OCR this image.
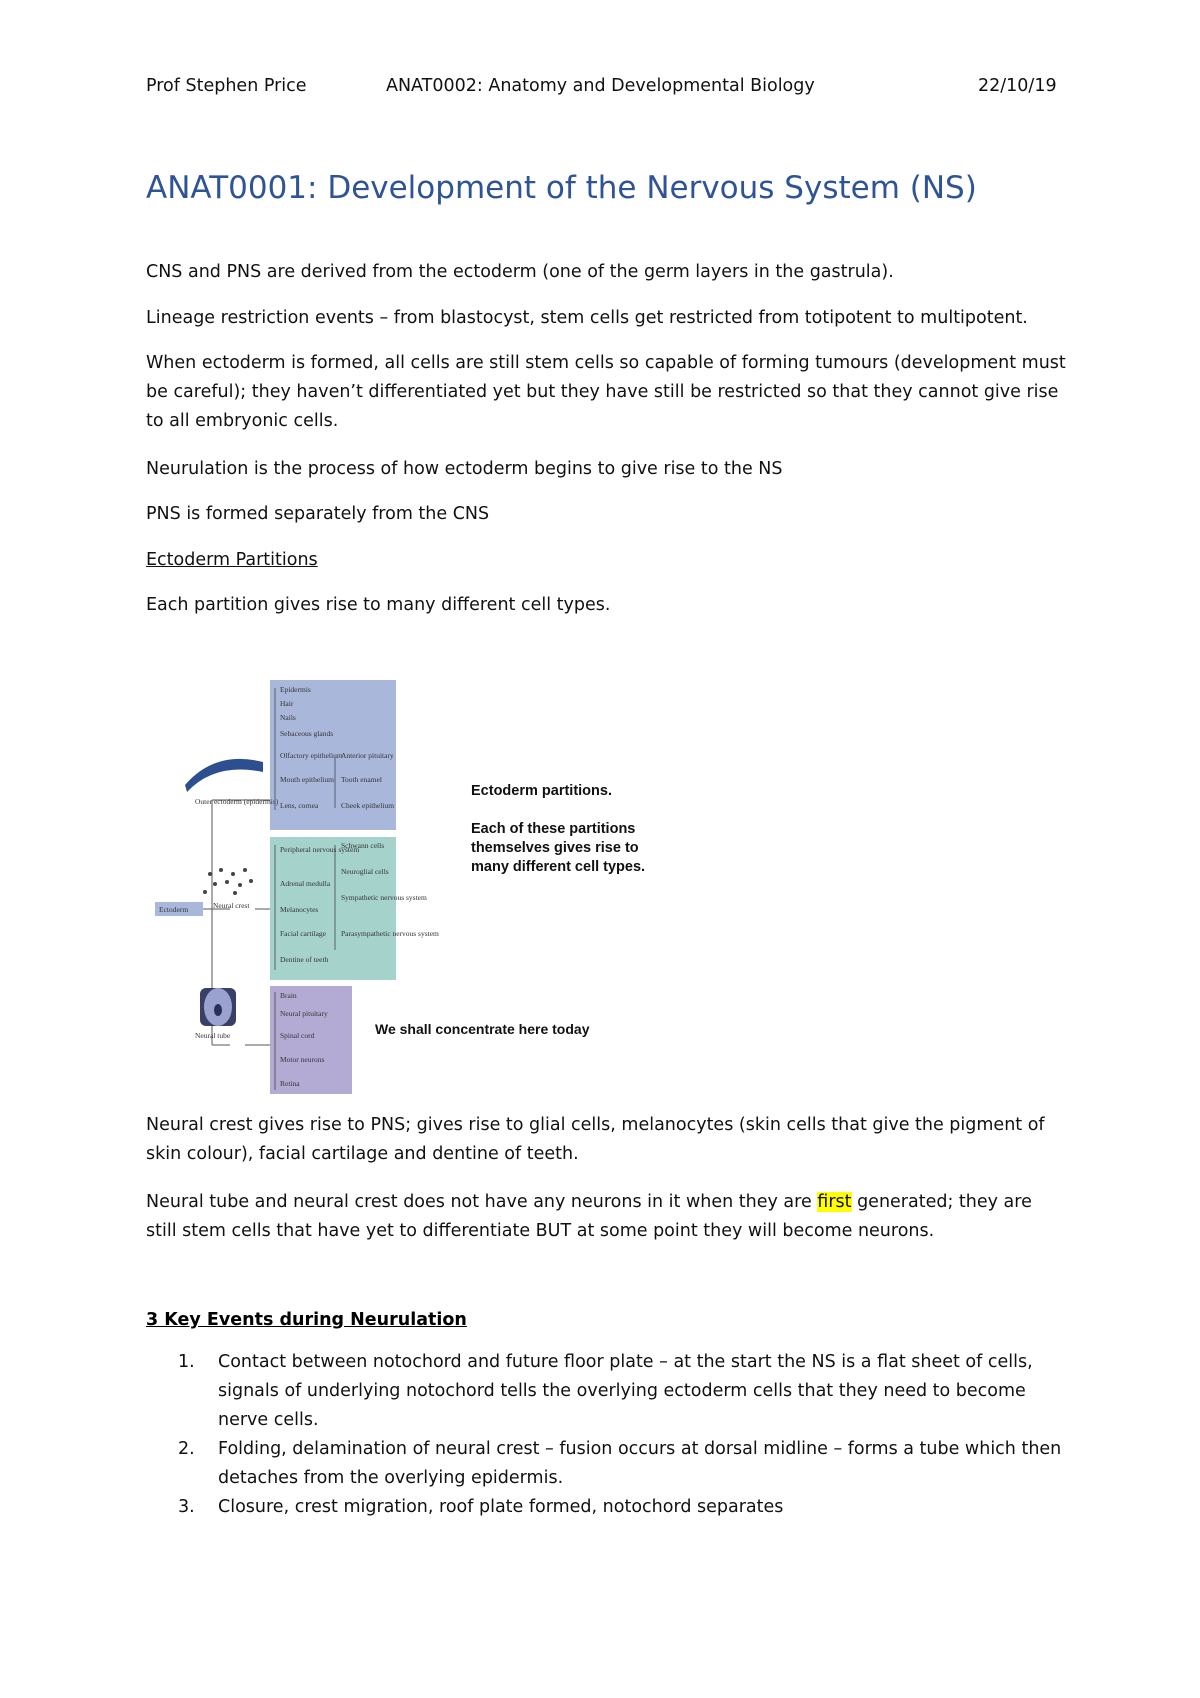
Prof Stephen Price	ANAT0002: Anatomy and Developmental Biology	22/10/19
ANAT0001: Development of the Nervous System (NS)
CNS and PNS are derived from the ectoderm (one of the germ layers in the gastrula).
Lineage restriction events – from blastocyst, stem cells get restricted from totipotent to multipotent.
When ectoderm is formed, all cells are still stem cells so capable of forming tumours (development must be careful); they haven’t differentiated yet but they have still be restricted so that they cannot give rise to all embryonic cells.
Neurulation is the process of how ectoderm begins to give rise to the NS
PNS is formed separately from the CNS
Ectoderm Partitions
Each partition gives rise to many different cell types.
Ectoderm
Outer ectoderm (epidermis)
Neural crest
Neural tube
Epidermis
Hair
Nails
Sebaceous glands
Olfactory epithelium
Mouth epithelium
Lens, cornea
Anterior pituitary
Tooth enamel
Cheek epithelium
Peripheral nervous system
Adrenal medulla
Melanocytes
Facial cartilage
Dentine of teeth
Schwann cells
Neuroglial cells
Sympathetic nervous system
Parasympathetic nervous system
Brain
Neural pituitary
Spinal cord
Motor neurons
Retina
Ectoderm partitions.
Each of these partitions themselves gives rise to many different cell types.
We shall concentrate here today
Neural crest gives rise to PNS; gives rise to glial cells, melanocytes (skin cells that give the pigment of skin colour), facial cartilage and dentine of teeth.
Neural tube and neural crest does not have any neurons in it when they are first generated; they are still stem cells that have yet to differentiate BUT at some point they will become neurons.
3 Key Events during Neurulation
1. Contact between notochord and future floor plate – at the start the NS is a flat sheet of cells, signals of underlying notochord tells the overlying ectoderm cells that they need to become nerve cells.
2. Folding, delamination of neural crest – fusion occurs at dorsal midline – forms a tube which then detaches from the overlying epidermis.
3. Closure, crest migration, roof plate formed, notochord separates
